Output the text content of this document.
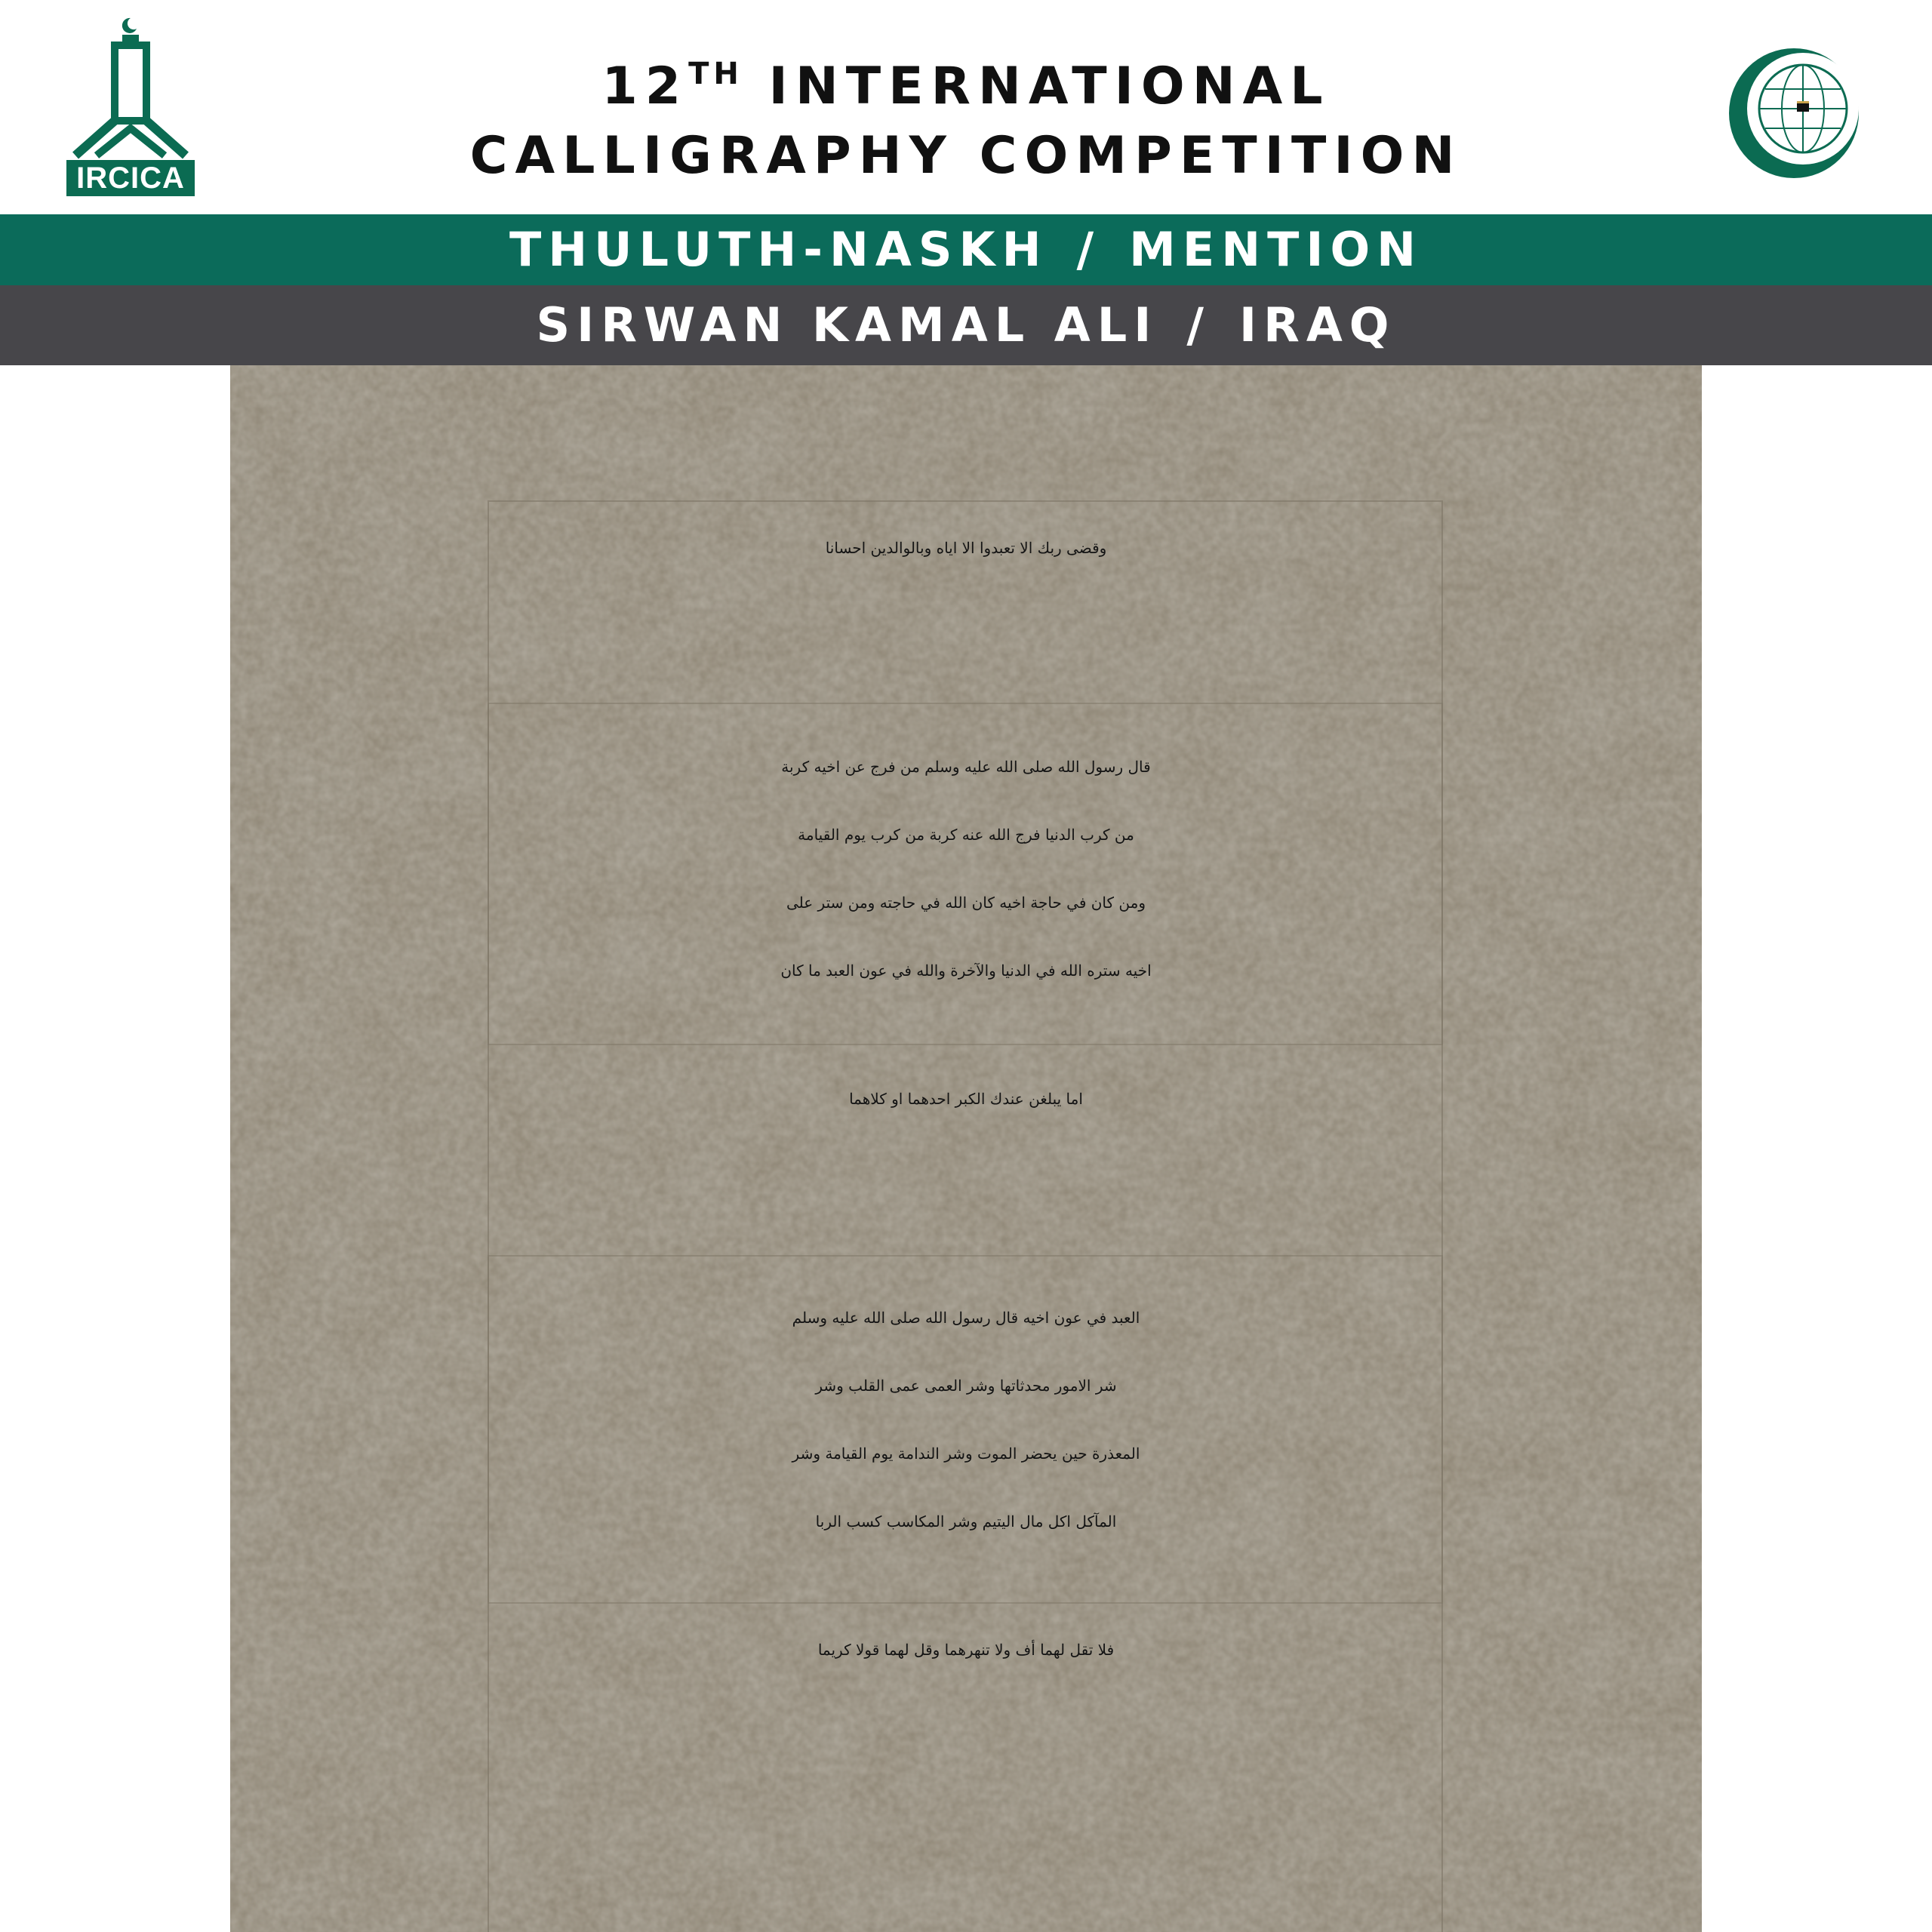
IRCICA
12TH INTERNATIONAL
CALLIGRAPHY COMPETITION
THULUTH-NASKH / MENTION
SIRWAN KAMAL ALI / IRAQ
وقضى ربك الا تعبدوا الا اياه وبالوالدين احسانا
قال رسول الله صلى الله عليه وسلم من فرج عن اخيه كربة
من كرب الدنيا فرج الله عنه كربة من كرب يوم القيامة
ومن كان في حاجة اخيه كان الله في حاجته ومن ستر على
اخيه ستره الله في الدنيا والآخرة والله في عون العبد ما كان
اما يبلغن عندك الكبر احدهما او كلاهما
العبد في عون اخيه قال رسول الله صلى الله عليه وسلم
شر الامور محدثاتها وشر العمى عمى القلب وشر
المعذرة حين يحضر الموت وشر الندامة يوم القيامة وشر
المآكل اكل مال اليتيم وشر المكاسب كسب الربا
فلا تقل لهما أف ولا تنهرهما وقل لهما قولا كريما
